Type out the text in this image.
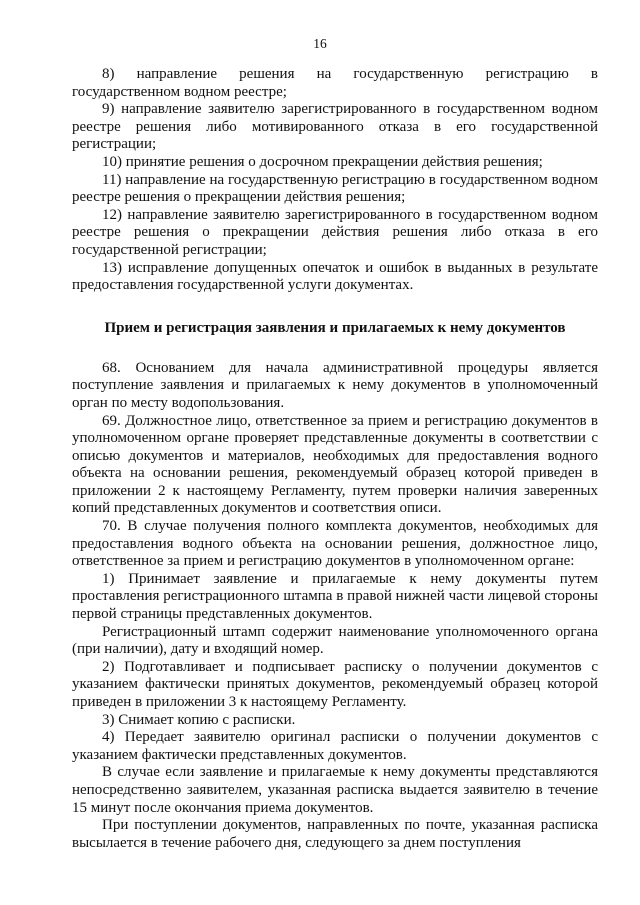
16

8) направление решения на государственную регистрацию в государственном водном реестре;

9) направление заявителю зарегистрированного в государственном водном реестре решения либо мотивированного отказа в его государственной регистрации;

10) принятие решения о досрочном прекращении действия решения;

11) направление на государственную регистрацию в государственном водном реестре решения о прекращении действия решения;

12) направление заявителю зарегистрированного в государственном водном реестре решения о прекращении действия решения либо отказа в его государственной регистрации;

13) исправление допущенных опечаток и ошибок в выданных в результате предоставления государственной услуги документах.

Прием и регистрация заявления и прилагаемых к нему документов

68. Основанием для начала административной процедуры является поступление заявления и прилагаемых к нему документов в уполномоченный орган по месту водопользования.

69. Должностное лицо, ответственное за прием и регистрацию документов в уполномоченном органе проверяет представленные документы в соответствии с описью документов и материалов, необходимых для предоставления водного объекта на основании решения, рекомендуемый образец которой приведен в приложении 2 к настоящему Регламенту, путем проверки наличия заверенных копий представленных документов и соответствия описи.

70. В случае получения полного комплекта документов, необходимых для предоставления водного объекта на основании решения, должностное лицо, ответственное за прием и регистрацию документов в уполномоченном органе:

1) Принимает заявление и прилагаемые к нему документы путем проставления регистрационного штампа в правой нижней части лицевой стороны первой страницы представленных документов.

Регистрационный штамп содержит наименование уполномоченного органа (при наличии), дату и входящий номер.

2) Подготавливает и подписывает расписку о получении документов с указанием фактически принятых документов, рекомендуемый образец которой приведен в приложении 3 к настоящему Регламенту.

3) Снимает копию с расписки.

4) Передает заявителю оригинал расписки о получении документов с указанием фактически представленных документов.

В случае если заявление и прилагаемые к нему документы представляются непосредственно заявителем, указанная расписка выдается заявителю в течение 15 минут после окончания приема документов.

При поступлении документов, направленных по почте, указанная расписка высылается в течение рабочего дня, следующего за днем поступления
